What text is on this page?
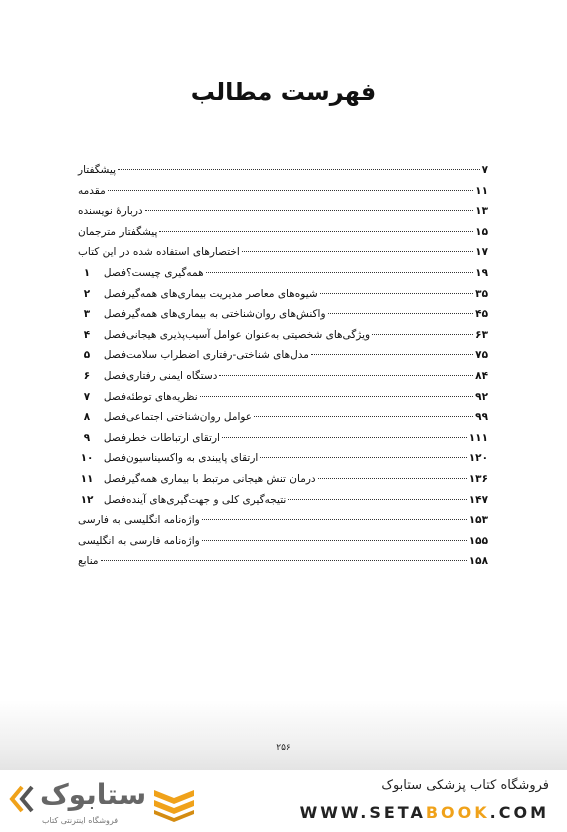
فهرست مطالب
پیشگفتار	۷
مقدمه	۱۱
دربارهٔ نویسنده	۱۳
پیشگفتار مترجمان	۱۵
اختصارهای استفاده شده در این کتاب	۱۷
فصل۱	همه‌گیری چیست؟	۱۹
فصل۲	شیوه‌های معاصر مدیریت بیماری‌های همه‌گیر	۳۵
فصل۳	واکنش‌های روان‌شناختی به بیماری‌های همه‌گیر	۴۵
فصل۴	ویژگی‌های شخصیتی به‌عنوان عوامل آسیب‌پذیری هیجانی	۶۳
فصل۵	مدل‌های شناختی-رفتاری اضطراب سلامت	۷۵
فصل۶	دستگاه ایمنی رفتاری	۸۴
فصل۷	نظریه‌های توطئه	۹۲
فصل۸	عوامل روان‌شناختی اجتماعی	۹۹
فصل۹	ارتقای ارتباطات خطر	۱۱۱
فصل۱۰	ارتقای پایبندی به واکسیناسیون	۱۲۰
فصل۱۱	درمان تنش هیجانی مرتبط با بیماری همه‌گیر	۱۳۶
فصل۱۲	نتیجه‌گیری کلی و جهت‌گیری‌های آینده	۱۴۷
واژه‌نامه انگلیسی به فارسی	۱۵۳
واژه‌نامه فارسی به انگلیسی	۱۵۵
منابع	۱۵۸
۲۵۶
ستابوک
فروشگاه اینترنتی کتاب
فروشگاه کتاب پزشکی ستابوک
WWW.SETABOOK.COM
